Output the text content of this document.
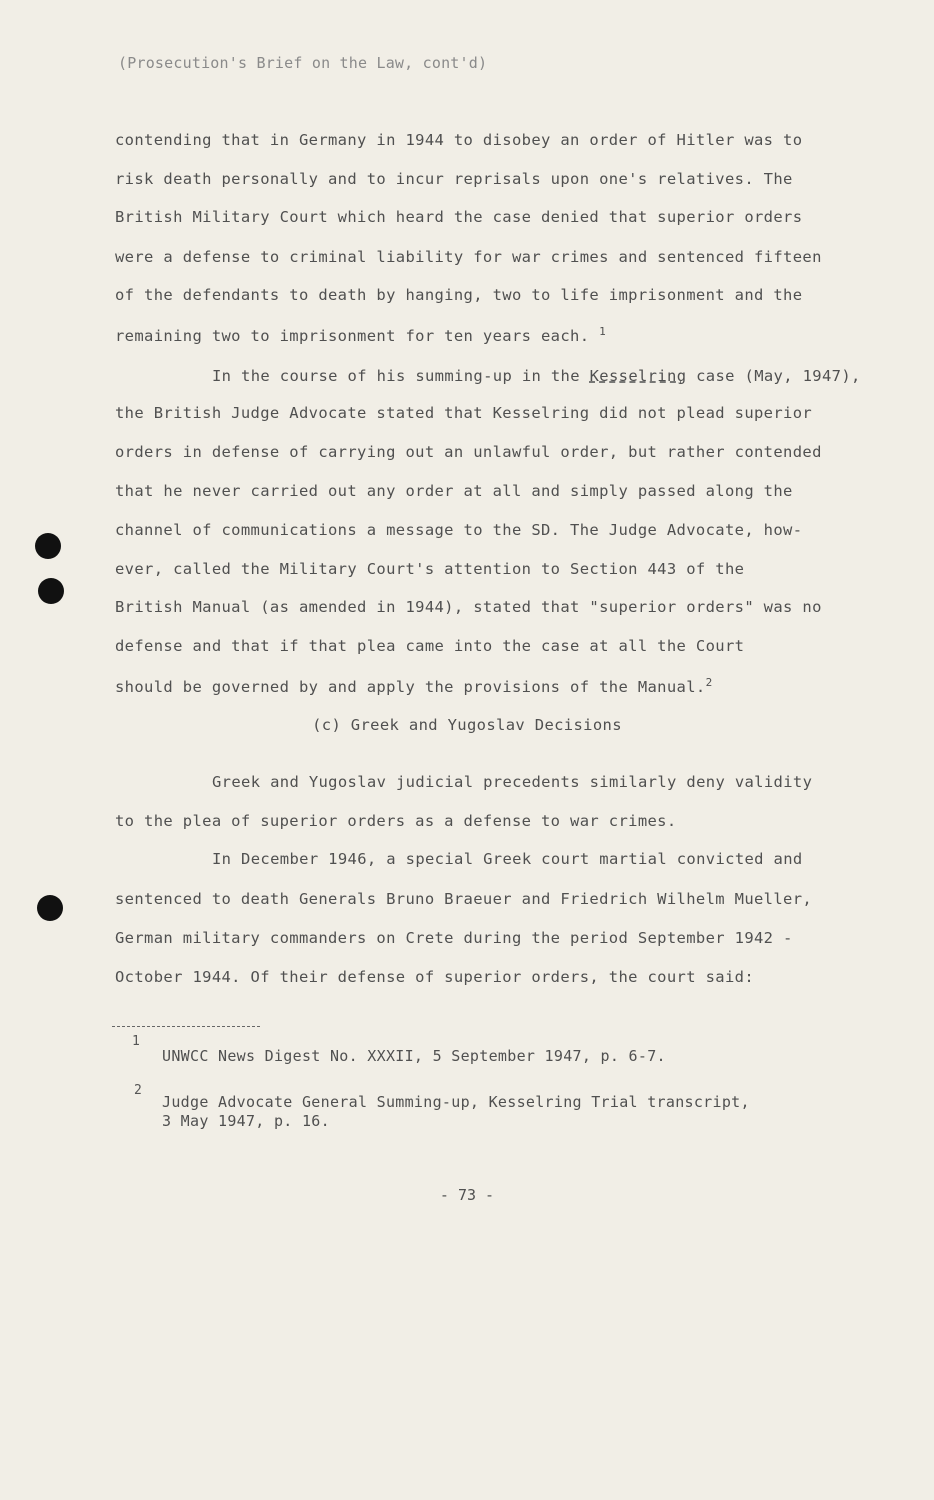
(Prosecution's Brief on the Law, cont'd)
contending that in Germany in 1944 to disobey an order of Hitler was to
risk death personally and to incur reprisals upon one's relatives. The
British Military Court which heard the case denied that superior orders
were a defense to criminal liability for war crimes and sentenced fifteen
of the defendants to death by hanging, two to life imprisonment and the
remaining two to imprisonment for ten years each. $^1$
In the course of his summing-up in the Kesselring case (May, 1947),
the British Judge Advocate stated that Kesselring did not plead superior
orders in defense of carrying out an unlawful order, but rather contended
that he never carried out any order at all and simply passed along the
channel of communications a message to the SD. The Judge Advocate, how-
ever, called the Military Court's attention to Section 443 of the
British Manual (as amended in 1944), stated that "superior orders" was no
defense and that if that plea came into the case at all the Court
should be governed by and apply the provisions of the Manual.$^2$
(c) Greek and Yugoslav Decisions
Greek and Yugoslav judicial precedents similarly deny validity
to the plea of superior orders as a defense to war crimes.
In December 1946, a special Greek court martial convicted and
sentenced to death Generals Bruno Braeuer and Friedrich Wilhelm Mueller,
German military commanders on Crete during the period September 1942 -
October 1944. Of their defense of superior orders, the court said:
1
UNWCC News Digest No. XXXII, 5 September 1947, p. 6-7.
2
Judge Advocate General Summing-up, Kesselring Trial transcript,
3 May 1947, p. 16.
- 73 -
